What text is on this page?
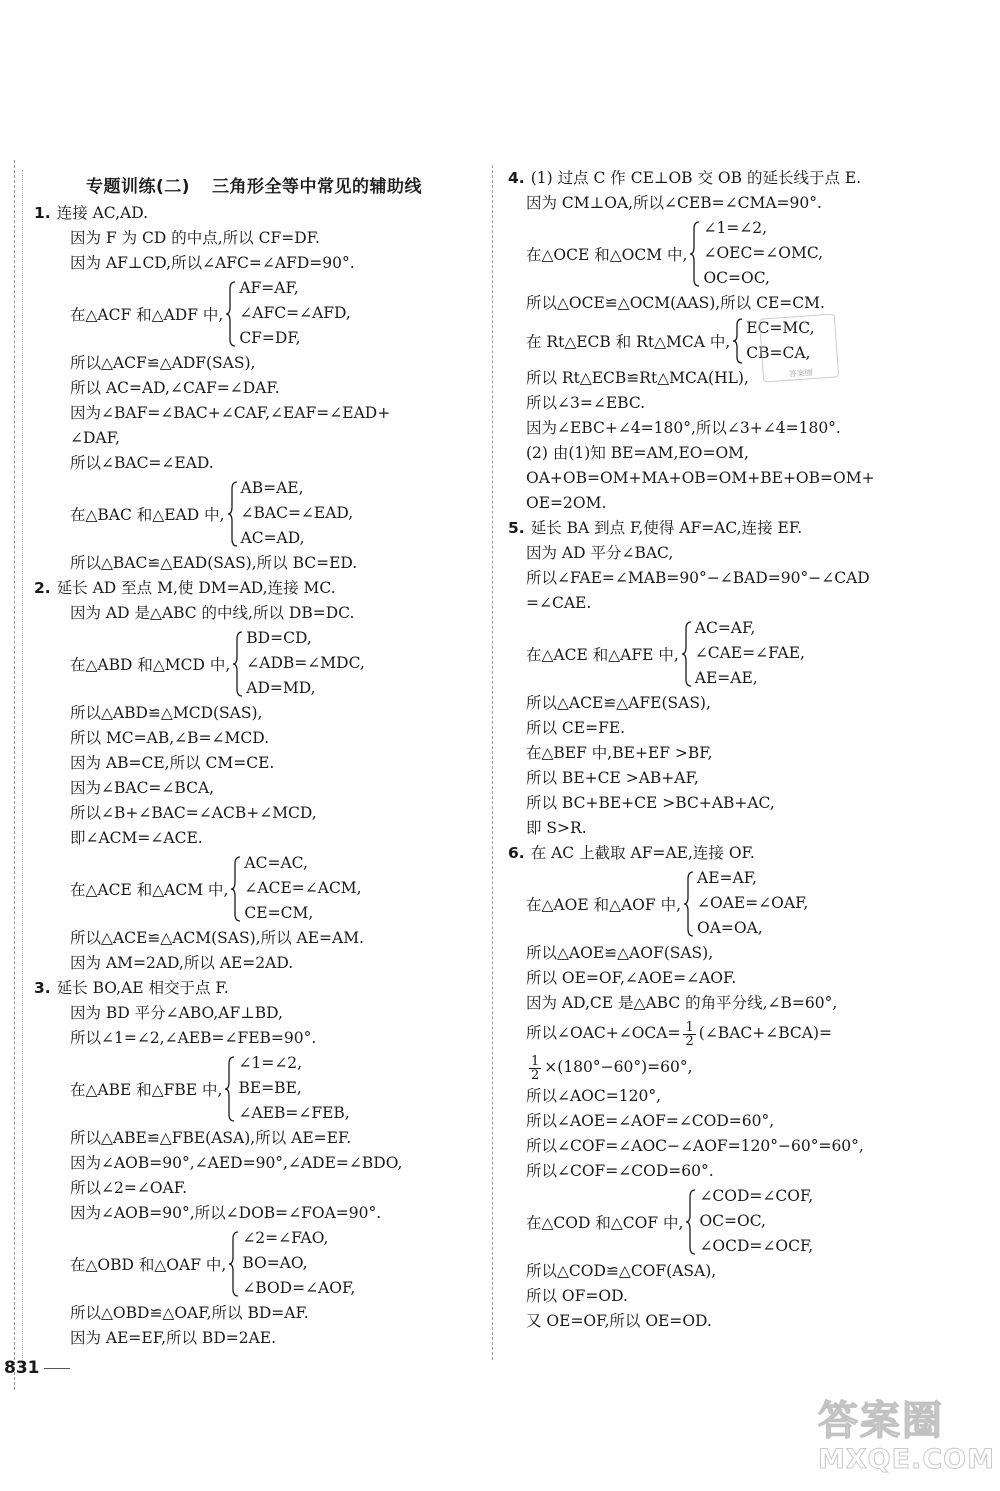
专题训练(二) 三角形全等中常见的辅助线
1. 连接 AC,AD.
因为 F 为 CD 的中点,所以 CF=DF.
因为 AF⊥CD,所以∠AFC=∠AFD=90°.
在△ACF 和△ADF 中,
AF=AF,
∠AFC=∠AFD,
CF=DF,
所以△ACF≌△ADF(SAS),
所以 AC=AD,∠CAF=∠DAF.
因为∠BAF=∠BAC+∠CAF,∠EAF=∠EAD+
∠DAF,
所以∠BAC=∠EAD.
在△BAC 和△EAD 中,
AB=AE,
∠BAC=∠EAD,
AC=AD,
所以△BAC≌△EAD(SAS),所以 BC=ED.
2. 延长 AD 至点 M,使 DM=AD,连接 MC.
因为 AD 是△ABC 的中线,所以 DB=DC.
在△ABD 和△MCD 中,
BD=CD,
∠ADB=∠MDC,
AD=MD,
所以△ABD≌△MCD(SAS),
所以 MC=AB,∠B=∠MCD.
因为 AB=CE,所以 CM=CE.
因为∠BAC=∠BCA,
所以∠B+∠BAC=∠ACB+∠MCD,
即∠ACM=∠ACE.
在△ACE 和△ACM 中,
AC=AC,
∠ACE=∠ACM,
CE=CM,
所以△ACE≌△ACM(SAS),所以 AE=AM.
因为 AM=2AD,所以 AE=2AD.
3. 延长 BO,AE 相交于点 F.
因为 BD 平分∠ABO,AF⊥BD,
所以∠1=∠2,∠AEB=∠FEB=90°.
在△ABE 和△FBE 中,
∠1=∠2,
BE=BE,
∠AEB=∠FEB,
所以△ABE≌△FBE(ASA),所以 AE=EF.
因为∠AOB=90°,∠AED=90°,∠ADE=∠BDO,
所以∠2=∠OAF.
因为∠AOB=90°,所以∠DOB=∠FOA=90°.
在△OBD 和△OAF 中,
∠2=∠FAO,
BO=AO,
∠BOD=∠AOF,
所以△OBD≌△OAF,所以 BD=AF.
因为 AE=EF,所以 BD=2AE.
4. (1) 过点 C 作 CE⊥OB 交 OB 的延长线于点 E.
因为 CM⊥OA,所以∠CEB=∠CMA=90°.
在△OCE 和△OCM 中,
∠1=∠2,
∠OEC=∠OMC,
OC=OC,
所以△OCE≌△OCM(AAS),所以 CE=CM.
在 Rt△ECB 和 Rt△MCA 中,
EC=MC,
CB=CA,
所以 Rt△ECB≌Rt△MCA(HL),
所以∠3=∠EBC.
因为∠EBC+∠4=180°,所以∠3+∠4=180°.
(2) 由(1)知 BE=AM,EO=OM,
OA+OB=OM+MA+OB=OM+BE+OB=OM+
OE=2OM.
5. 延长 BA 到点 F,使得 AF=AC,连接 EF.
因为 AD 平分∠BAC,
所以∠FAE=∠MAB=90°−∠BAD=90°−∠CAD
=∠CAE.
在△ACE 和△AFE 中,
AC=AF,
∠CAE=∠FAE,
AE=AE,
所以△ACE≌△AFE(SAS),
所以 CE=FE.
在△BEF 中,BE+EF >BF,
所以 BE+CE >AB+AF,
所以 BC+BE+CE >BC+AB+AC,
即 S>R.
6. 在 AC 上截取 AF=AE,连接 OF.
在△AOE 和△AOF 中,
AE=AF,
∠OAE=∠OAF,
OA=OA,
所以△AOE≌△AOF(SAS),
所以 OE=OF,∠AOE=∠AOF.
因为 AD,CE 是△ABC 的角平分线,∠B=60°,
所以∠OAC+∠OCA= $\frac{1}{2}$ (∠BAC+∠BCA)=
$\frac{1}{2} \times(180^\circ-60^\circ)=60^\circ$,
所以∠AOC=120°,
所以∠AOE=∠AOF=∠COD=60°,
所以∠COF=∠AOC−∠AOF=120°−60°=60°,
所以∠COF=∠COD=60°.
在△COD 和△COF 中,
∠COD=∠COF,
OC=OC,
∠OCD=∠OCF,
所以△COD≌△COF(ASA),
所以 OF=OD.
又 OE=OF,所以 OE=OD.
答案圈
831
答案圈
MXQE.COM
